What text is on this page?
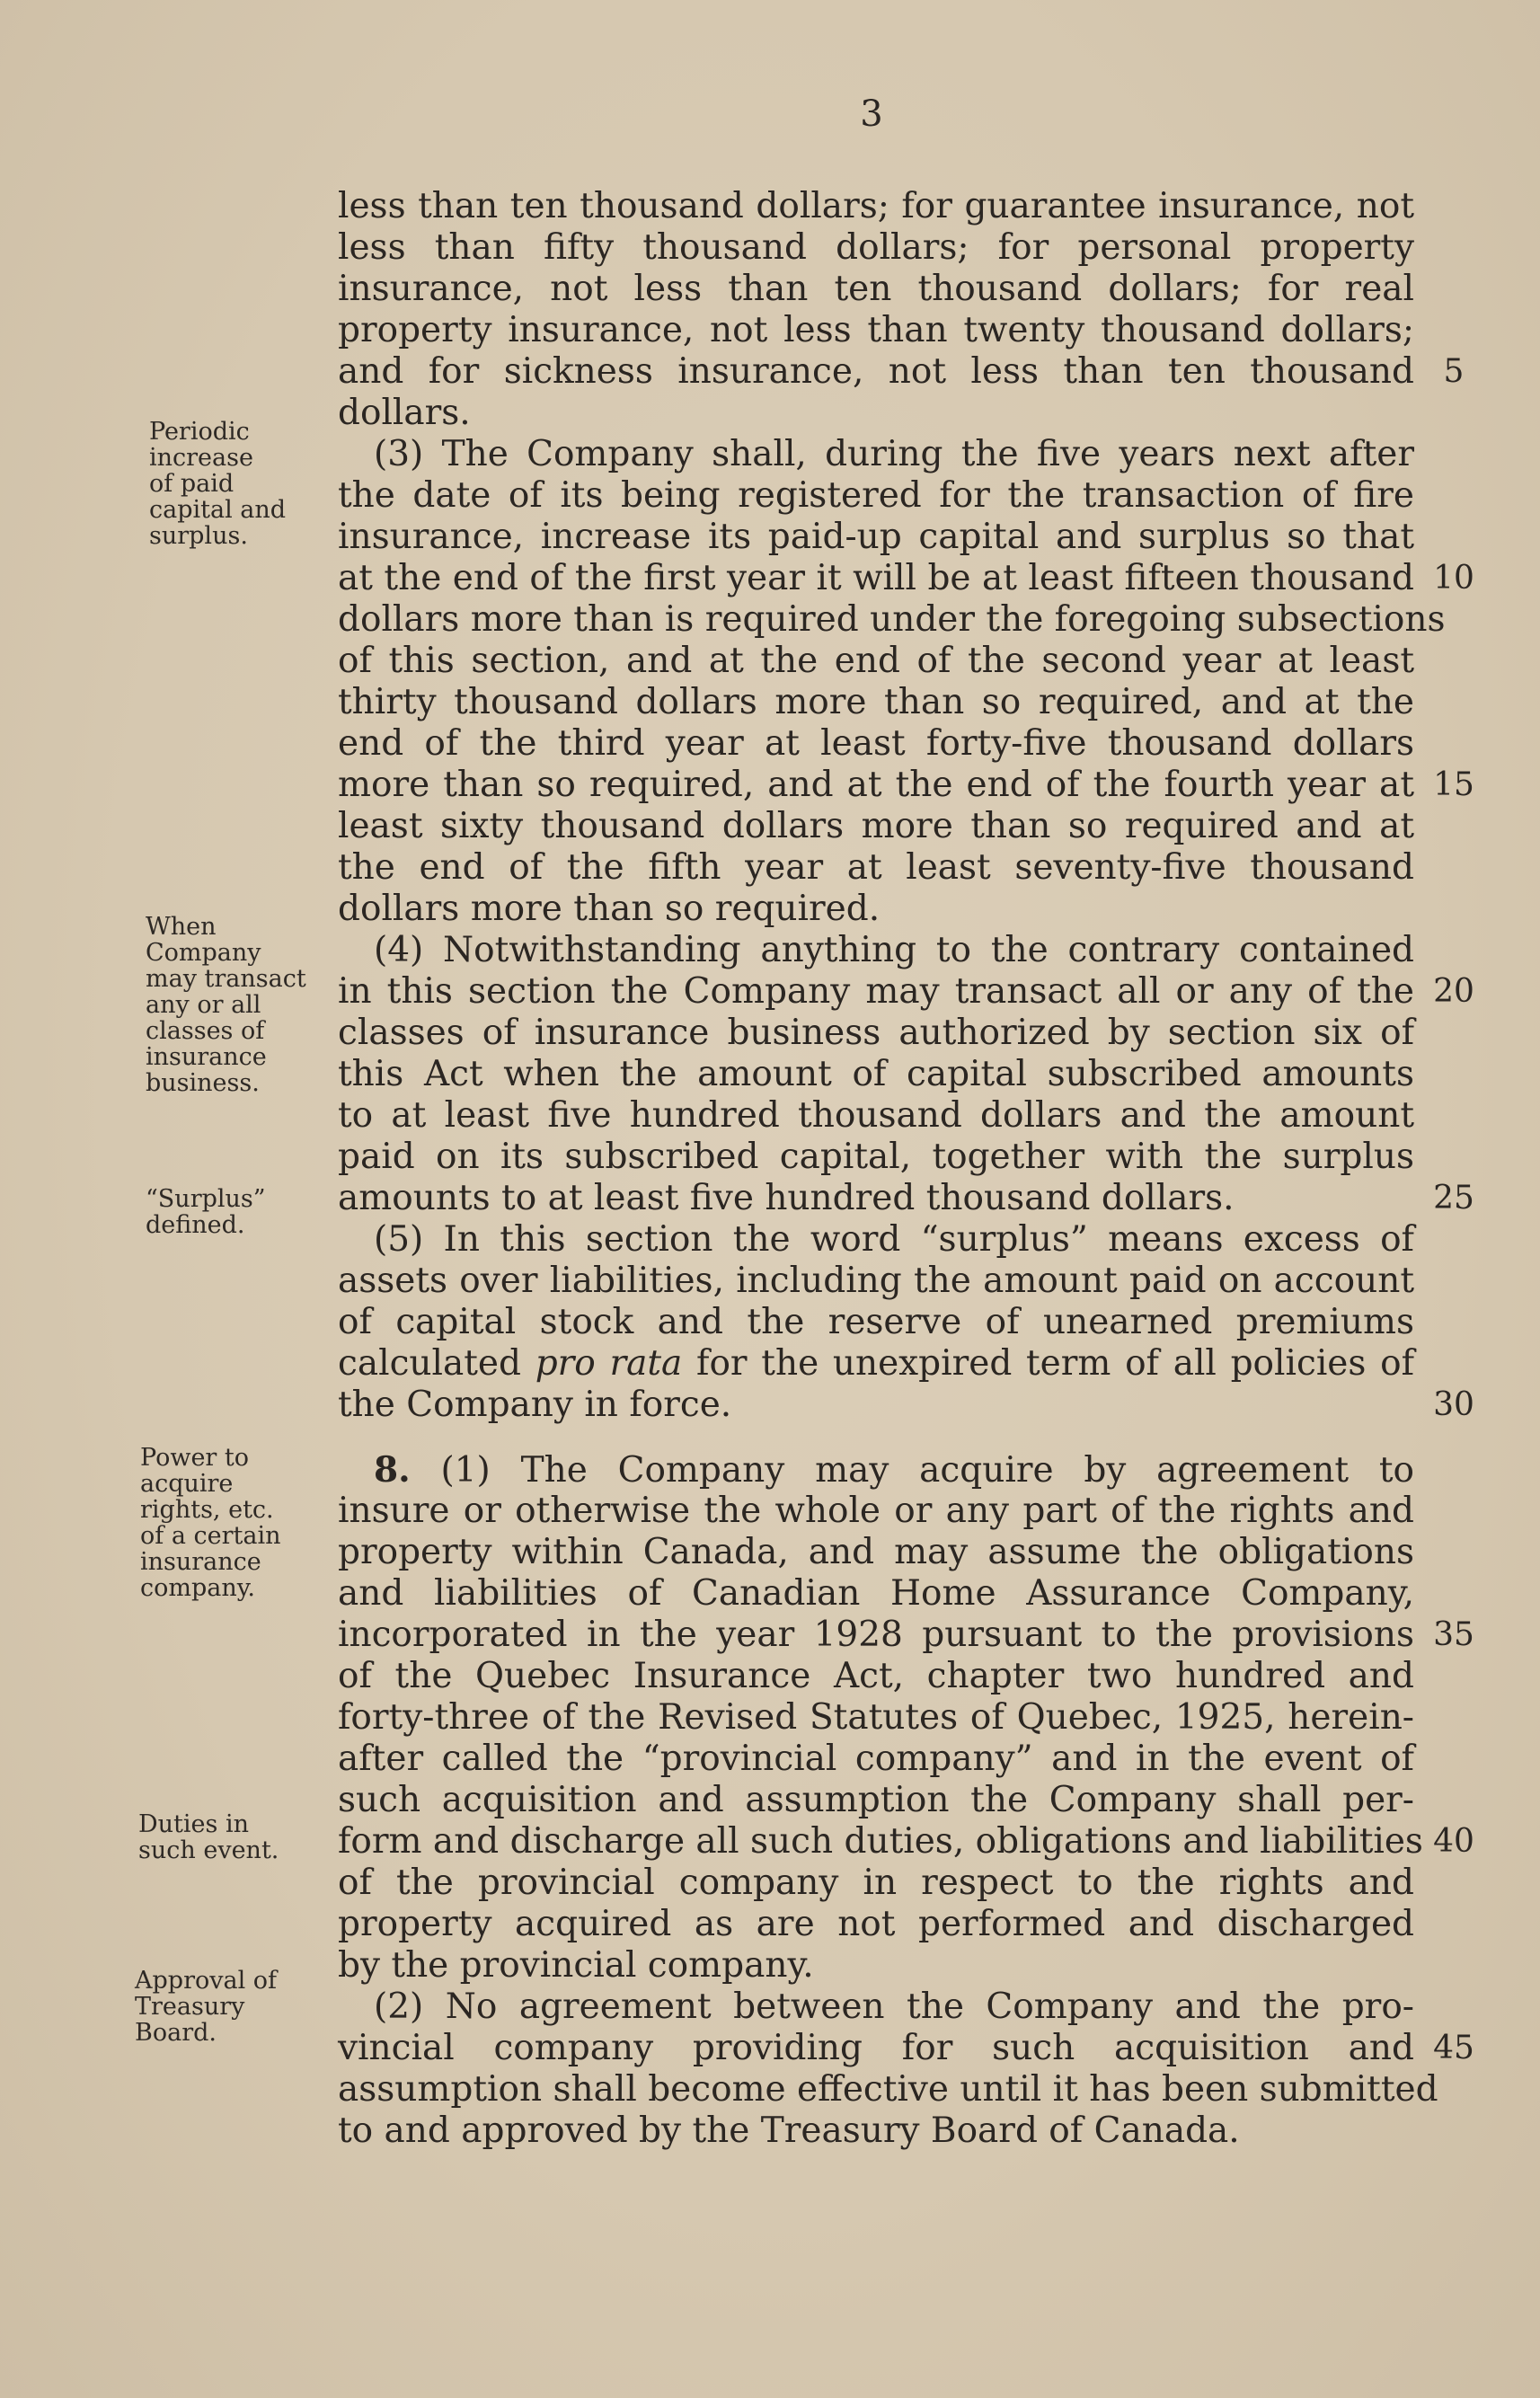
3
less than ten thousand dollars; for guarantee insurance, not
less than fifty thousand dollars; for personal property
insurance, not less than ten thousand dollars; for real
property insurance, not less than twenty thousand dollars;
and for sickness insurance, not less than ten thousand
dollars.
(3) The Company shall, during the five years next after
the date of its being registered for the transaction of fire
insurance, increase its paid-up capital and surplus so that
at the end of the first year it will be at least fifteen thousand
dollars more than is required under the foregoing subsections
of this section, and at the end of the second year at least
thirty thousand dollars more than so required, and at the
end of the third year at least forty-five thousand dollars
more than so required, and at the end of the fourth year at
least sixty thousand dollars more than so required and at
the end of the fifth year at least seventy-five thousand
dollars more than so required.
(4) Notwithstanding anything to the contrary contained
in this section the Company may transact all or any of the
classes of insurance business authorized by section six of
this Act when the amount of capital subscribed amounts
to at least five hundred thousand dollars and the amount
paid on its subscribed capital, together with the surplus
amounts to at least five hundred thousand dollars.
(5) In this section the word “surplus” means excess of
assets over liabilities, including the amount paid on account
of capital stock and the reserve of unearned premiums
calculated pro rata for the unexpired term of all policies of
the Company in force.
8. (1) The Company may acquire by agreement to
insure or otherwise the whole or any part of the rights and
property within Canada, and may assume the obligations
and liabilities of Canadian Home Assurance Company,
incorporated in the year 1928 pursuant to the provisions
of the Quebec Insurance Act, chapter two hundred and
forty-three of the Revised Statutes of Quebec, 1925, herein-
after called the “provincial company” and in the event of
such acquisition and assumption the Company shall per-
form and discharge all such duties, obligations and liabilities
of the provincial company in respect to the rights and
property acquired as are not performed and discharged
by the provincial company.
(2) No agreement between the Company and the pro-
vincial company providing for such acquisition and
assumption shall become effective until it has been submitted
to and approved by the Treasury Board of Canada.
5
10
15
20
25
30
35
40
45
Periodic
increase
of paid
capital and
surplus.
When
Company
may transact
any or all
classes of
insurance
business.
“Surplus”
defined.
Power to
acquire
rights, etc.
of a certain
insurance
company.
Duties in
such event.
Approval of
Treasury
Board.
